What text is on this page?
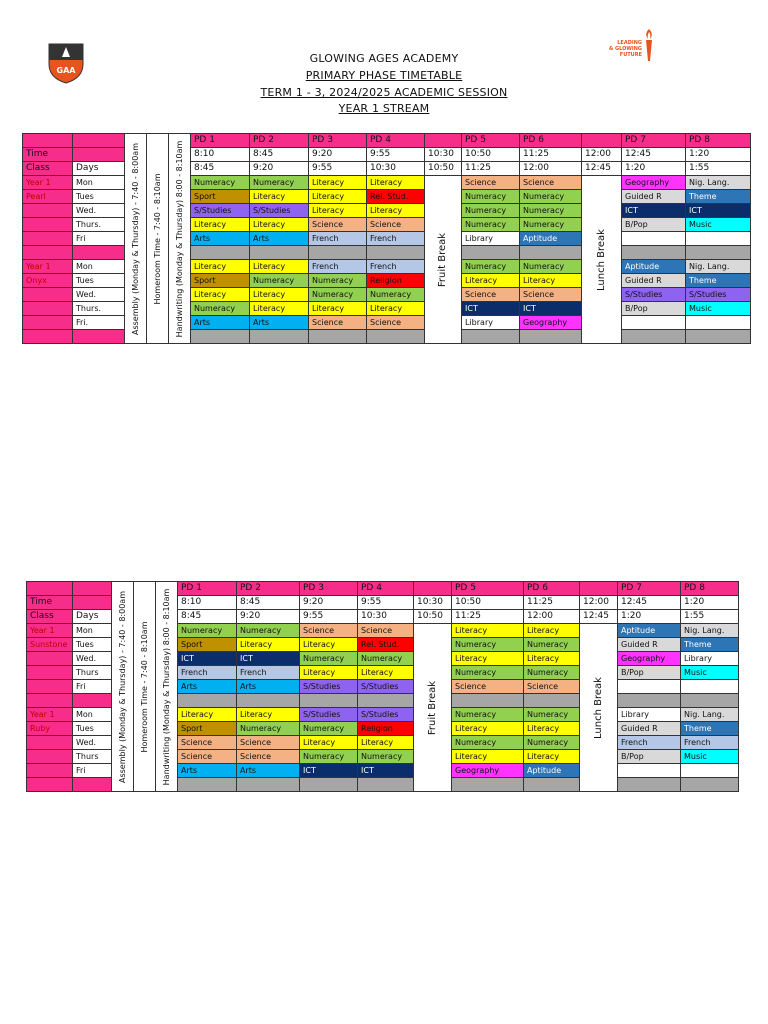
GAA
LEADING
& GLOWING
FUTURE
GLOWING AGES ACADEMY
PRIMARY PHASE TIMETABLE
TERM 1 - 3, 2024/2025 ACADEMIC SESSION
YEAR 1 STREAM

		Assembly (Monday & Thursday) - 7:40 - 8:00am	Homeroom Time - 7:40 - 8:10am	Handwriting (Monday & Thursday) 8:00 - 8:10am	PD 1	PD 2	PD 3	PD 4		PD 5	PD 6		PD 7	PD 8
Time					8:10	8:45	9:20	9:55	10:30	10:50	11:25	12:00	12:45	1:20
Class	Days				8:45	9:20	9:55	10:30	10:50	11:25	12:00	12:45	1:20	1:55
Year 1	Mon				Numeracy	Numeracy	Literacy	Literacy	Fruit Break	Science	Science	Lunch Break	Geography	Nig. Lang.
Pearl	Tues				Sport	Literacy	Literacy	Rel. Stud.		Numeracy	Numeracy		Guided R	Theme
	Wed.				S/Studies	S/Studies	Literacy	Literacy		Numeracy	Numeracy		ICT	ICT
	Thurs.				Literacy	Literacy	Science	Science		Numeracy	Numeracy		B/Pop	Music
	Fri				Arts	Arts	French	French		Library	Aptitude			

Year 1	Mon				Literacy	Literacy	French	French		Numeracy	Numeracy		Aptitude	Nig. Lang.
Onyx	Tues				Sport	Numeracy	Numeracy	Religion		Literacy	Literacy		Guided R	Theme
	Wed.				Literacy	Literacy	Numeracy	Numeracy		Science	Science		S/Studies	S/Studies
	Thurs.				Numeracy	Literacy	Literacy	Literacy		ICT	ICT		B/Pop	Music
	Fri.				Arts	Arts	Science	Science		Library	Geography			

		Assembly (Monday & Thursday) - 7:40 - 8:00am	Homeroom Time - 7:40 - 8:10am	Handwriting (Monday & Thursday) 8:00 - 8:10am	PD 1	PD 2	PD 3	PD 4		PD 5	PD 6		PD 7	PD 8
Time					8:10	8:45	9:20	9:55	10:30	10:50	11:25	12:00	12:45	1:20
Class	Days				8:45	9:20	9:55	10:30	10:50	11:25	12:00	12:45	1:20	1:55
Year 1	Mon				Numeracy	Numeracy	Science	Science	Fruit Break	Literacy	Literacy	Lunch Break	Aptitude	Nig. Lang.
Sunstone	Tues				Sport	Literacy	Literacy	Rel. Stud.		Numeracy	Numeracy		Guided R	Theme
	Wed.				ICT	ICT	Numeracy	Numeracy		Literacy	Literacy		Geography	Library
	Thurs				French	French	Literacy	Literacy		Numeracy	Numeracy		B/Pop	Music
	Fri				Arts	Arts	S/Studies	S/Studies		Science	Science			

Year 1	Mon				Literacy	Literacy	S/Studies	S/Studies		Numeracy	Numeracy		Library	Nig. Lang.
Ruby	Tues				Sport	Numeracy	Numeracy	Religion		Literacy	Literacy		Guided R	Theme
	Wed.				Science	Science	Literacy	Literacy		Numeracy	Numeracy		French	French
	Thurs				Science	Science	Numeracy	Numeracy		Literacy	Literacy		B/Pop	Music
	Fri				Arts	Arts	ICT	ICT		Geography	Aptitude			
